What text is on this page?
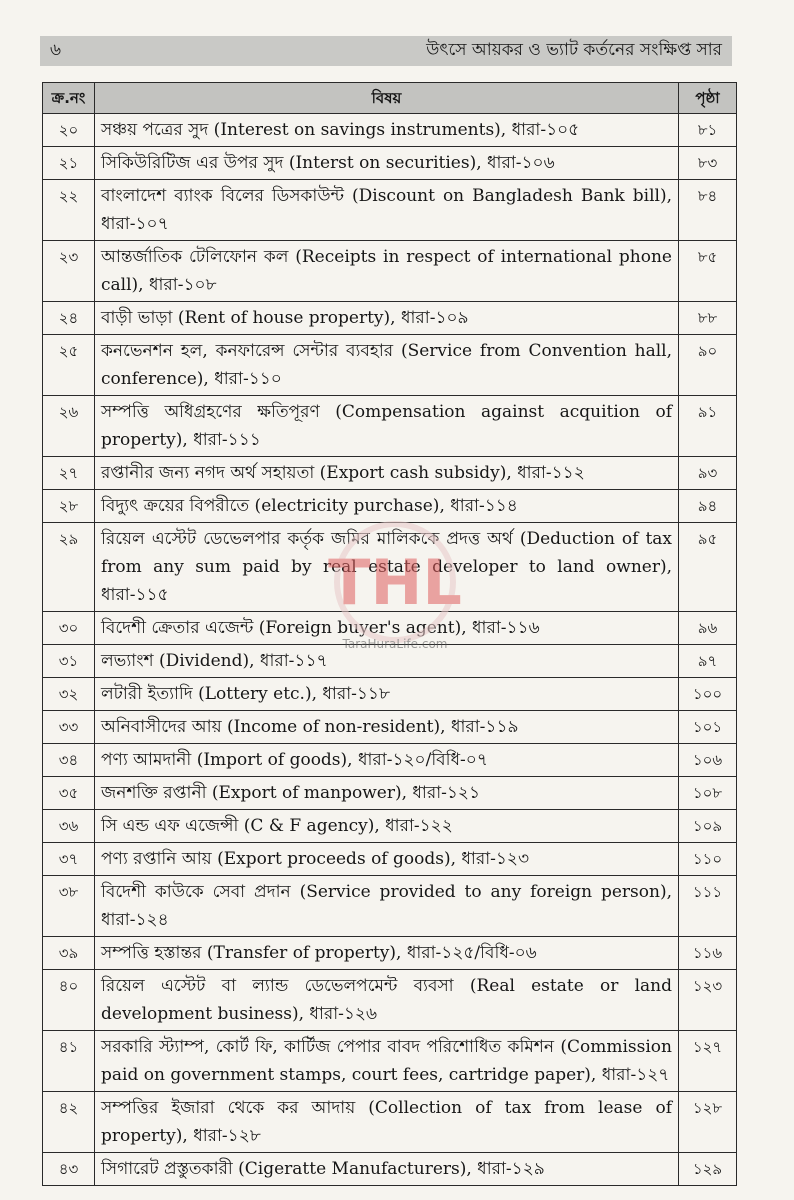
৬	উৎসে আয়কর ও ভ্যাট কর্তনের সংক্ষিপ্ত সার
ক্র.নং	বিষয়	পৃষ্ঠা
২০	সঞ্চয় পত্রের সুদ (Interest on savings instruments), ধারা-১০৫	৮১
২১	সিকিউরিটিজ এর উপর সুদ (Interst on securities), ধারা-১০৬	৮৩
২২	বাংলাদেশ ব্যাংক বিলের ডিসকাউন্ট (Discount on Bangladesh Bank bill), ধারা-১০৭	৮৪
২৩	আন্তর্জাতিক টেলিফোন কল (Receipts in respect of international phone call), ধারা-১০৮	৮৫
২৪	বাড়ী ভাড়া (Rent of house property), ধারা-১০৯	৮৮
২৫	কনভেনশন হল, কনফারেন্স সেন্টার ব্যবহার (Service from Convention hall, conference), ধারা-১১০	৯০
২৬	সম্পত্তি অধিগ্রহণের ক্ষতিপূরণ (Compensation against acquition of property), ধারা-১১১	৯১
২৭	রপ্তানীর জন্য নগদ অর্থ সহায়তা (Export cash subsidy), ধারা-১১২	৯৩
২৮	বিদ্যুৎ ক্রয়ের বিপরীতে (electricity purchase), ধারা-১১৪	৯৪
২৯	রিয়েল এস্টেট ডেভেলপার কর্তৃক জমির মালিককে প্রদত্ত অর্থ (Deduction of tax from any sum paid by real estate developer to land owner), ধারা-১১৫	৯৫
৩০	বিদেশী ক্রেতার এজেন্ট (Foreign buyer's agent), ধারা-১১৬	৯৬
৩১	লভ্যাংশ (Dividend), ধারা-১১৭	৯৭
৩২	লটারী ইত্যাদি (Lottery etc.), ধারা-১১৮	১০০
৩৩	অনিবাসীদের আয় (Income of non-resident), ধারা-১১৯	১০১
৩৪	পণ্য আমদানী (Import of goods), ধারা-১২০/বিধি-০৭	১০৬
৩৫	জনশক্তি রপ্তানী (Export of manpower), ধারা-১২১	১০৮
৩৬	সি এন্ড এফ এজেন্সী (C & F agency), ধারা-১২২	১০৯
৩৭	পণ্য রপ্তানি আয় (Export proceeds of goods), ধারা-১২৩	১১০
৩৮	বিদেশী কাউকে সেবা প্রদান (Service provided to any foreign person), ধারা-১২৪	১১১
৩৯	সম্পত্তি হস্তান্তর (Transfer of property), ধারা-১২৫/বিধি-০৬	১১৬
৪০	রিয়েল এস্টেট বা ল্যান্ড ডেভেলপমেন্ট ব্যবসা (Real estate or land development business), ধারা-১২৬	১২৩
৪১	সরকারি স্ট্যাম্প, কোর্ট ফি, কার্টিজ পেপার বাবদ পরিশোধিত কমিশন (Commission paid on government stamps, court fees, cartridge paper), ধারা-১২৭	১২৭
৪২	সম্পত্তির ইজারা থেকে কর আদায় (Collection of tax from lease of property), ধারা-১২৮	১২৮
৪৩	সিগারেট প্রস্তুতকারী (Cigeratte Manufacturers), ধারা-১২৯	১২৯
THL
TaraHuraLife.com
